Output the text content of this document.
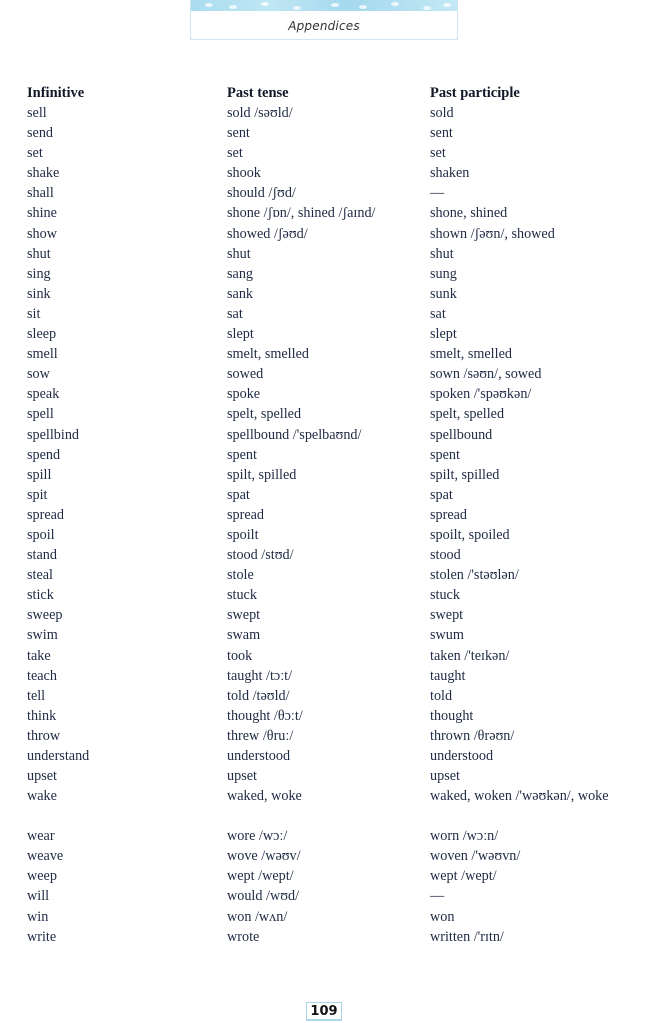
Appendices
Infinitive	Past tense	Past participle
sell	sold /səʊld/	sold
send	sent	sent
set	set	set
shake	shook	shaken
shall	should /ʃʊd/	—
shine	shone /ʃɒn/, shined /ʃaɪnd/	shone, shined
show	showed /ʃəʊd/	shown /ʃəʊn/, showed
shut	shut	shut
sing	sang	sung
sink	sank	sunk
sit	sat	sat
sleep	slept	slept
smell	smelt, smelled	smelt, smelled
sow	sowed	sown /səʊn/, sowed
speak	spoke	spoken /'spəʊkən/
spell	spelt, spelled	spelt, spelled
spellbind	spellbound /'spelbaʊnd/	spellbound
spend	spent	spent
spill	spilt, spilled	spilt, spilled
spit	spat	spat
spread	spread	spread
spoil	spoilt	spoilt, spoiled
stand	stood /stʊd/	stood
steal	stole	stolen /'stəʊlən/
stick	stuck	stuck
sweep	swept	swept
swim	swam	swum
take	took	taken /'teɪkən/
teach	taught /tɔːt/	taught
tell	told /təʊld/	told
think	thought /θɔːt/	thought
throw	threw /θruː/	thrown /θrəʊn/
understand	understood	understood
upset	upset	upset
wake	waked, woke	waked, woken /'wəʊkən/, woke
wear	wore /wɔː/	worn /wɔːn/
weave	wove /wəʊv/	woven /'wəʊvn/
weep	wept /wept/	wept /wept/
will	would /wʊd/	—
win	won /wʌn/	won
write	wrote	written /'rɪtn/
109
